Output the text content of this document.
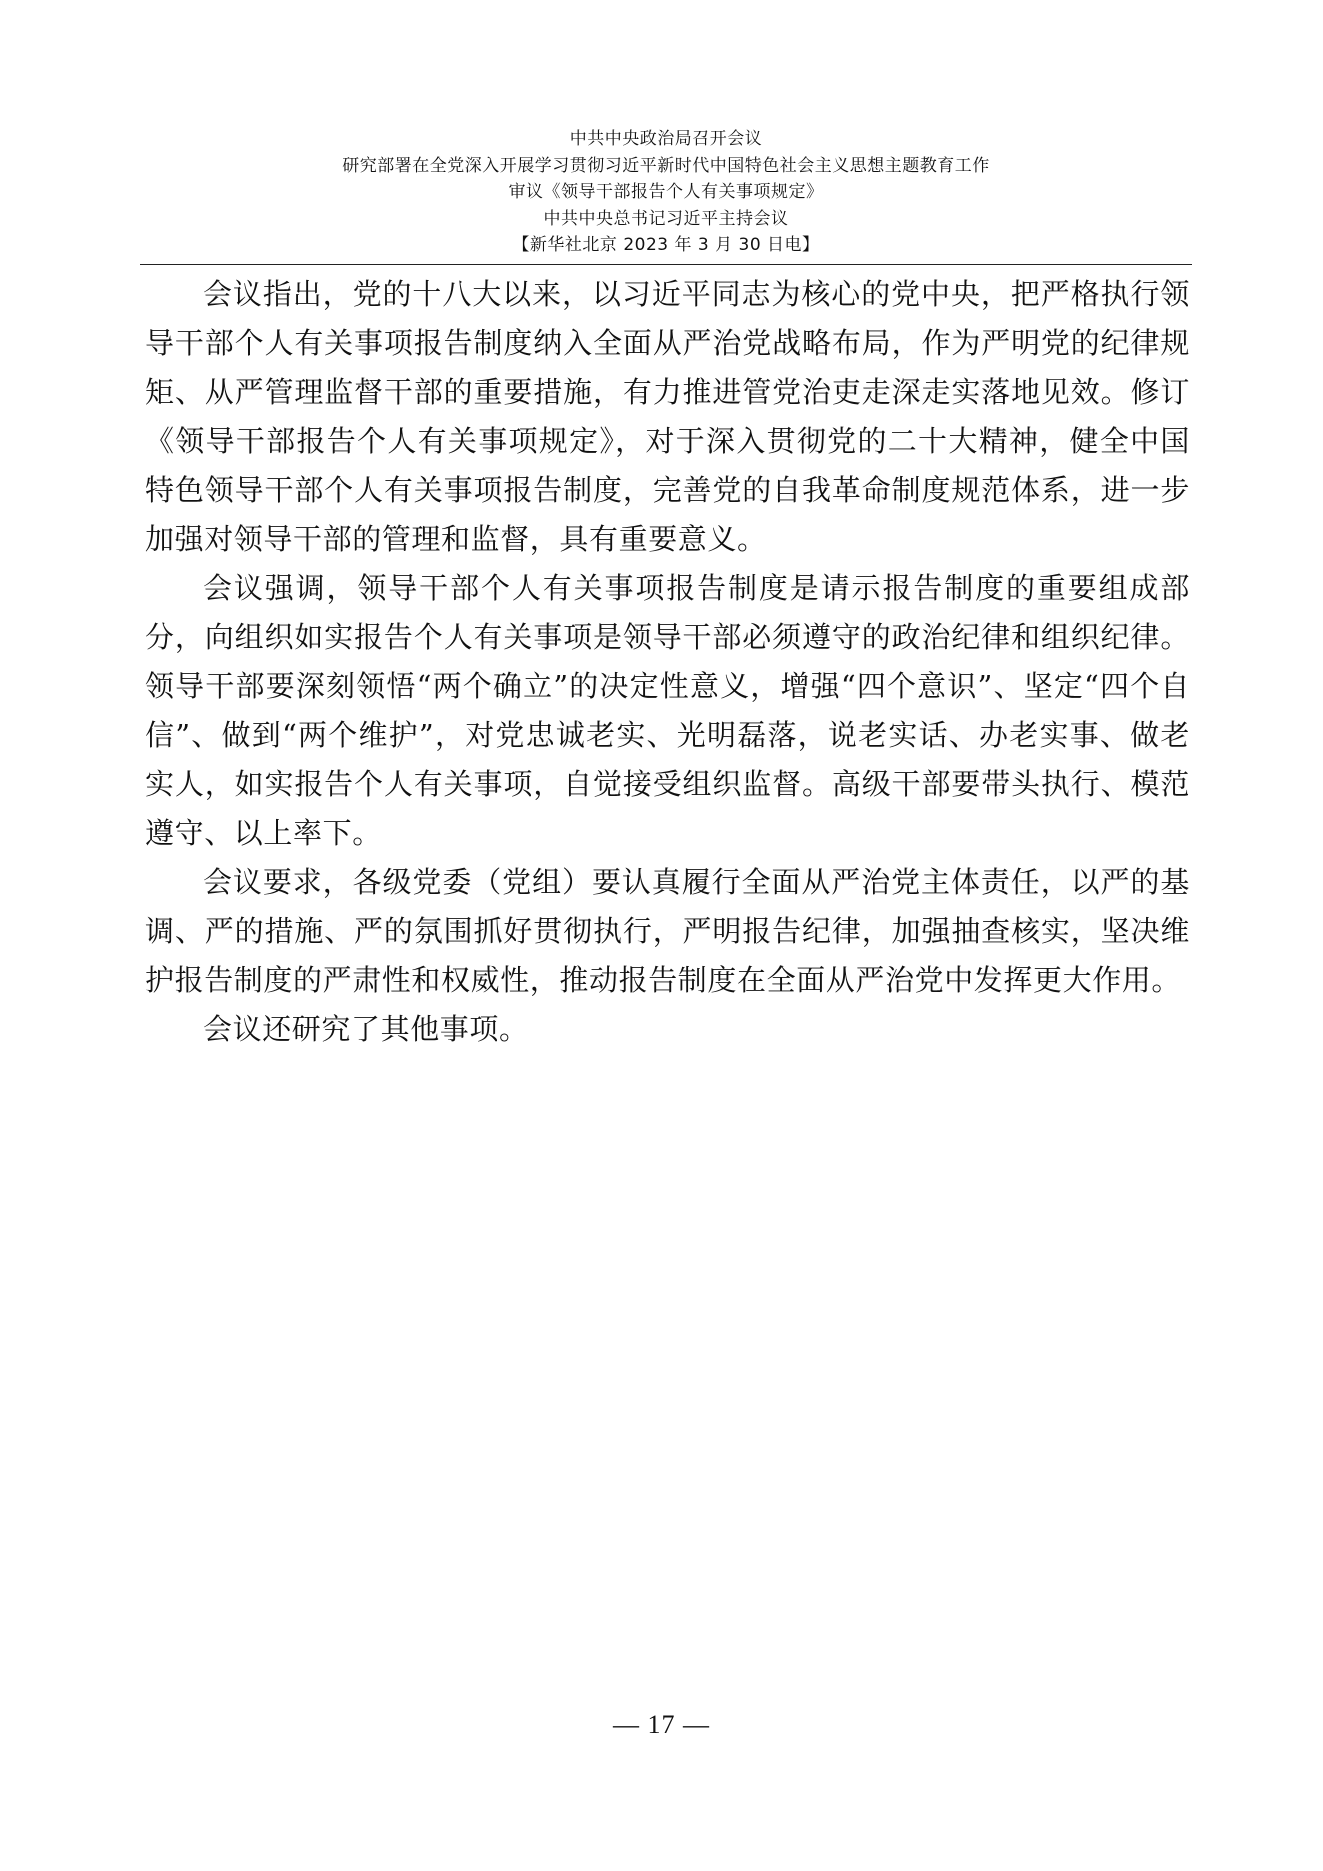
中共中央政治局召开会议
研究部署在全党深入开展学习贯彻习近平新时代中国特色社会主义思想主题教育工作
审议《领导干部报告个人有关事项规定》
中共中央总书记习近平主持会议
【新华社北京 2023 年 3 月 30 日电】

会议指出，党的十八大以来，以习近平同志为核心的党中央，把严格执行领导干部个人有关事项报告制度纳入全面从严治党战略布局，作为严明党的纪律规矩、从严管理监督干部的重要措施，有力推进管党治吏走深走实落地见效。修订《领导干部报告个人有关事项规定》，对于深入贯彻党的二十大精神，健全中国特色领导干部个人有关事项报告制度，完善党的自我革命制度规范体系，进一步加强对领导干部的管理和监督，具有重要意义。

会议强调，领导干部个人有关事项报告制度是请示报告制度的重要组成部分，向组织如实报告个人有关事项是领导干部必须遵守的政治纪律和组织纪律。领导干部要深刻领悟“两个确立”的决定性意义，增强“四个意识”、坚定“四个自信”、做到“两个维护”，对党忠诚老实、光明磊落，说老实话、办老实事、做老实人，如实报告个人有关事项，自觉接受组织监督。高级干部要带头执行、模范遵守、以上率下。

会议要求，各级党委（党组）要认真履行全面从严治党主体责任，以严的基调、严的措施、严的氛围抓好贯彻执行，严明报告纪律，加强抽查核实，坚决维护报告制度的严肃性和权威性，推动报告制度在全面从严治党中发挥更大作用。

会议还研究了其他事项。

— 17 —
